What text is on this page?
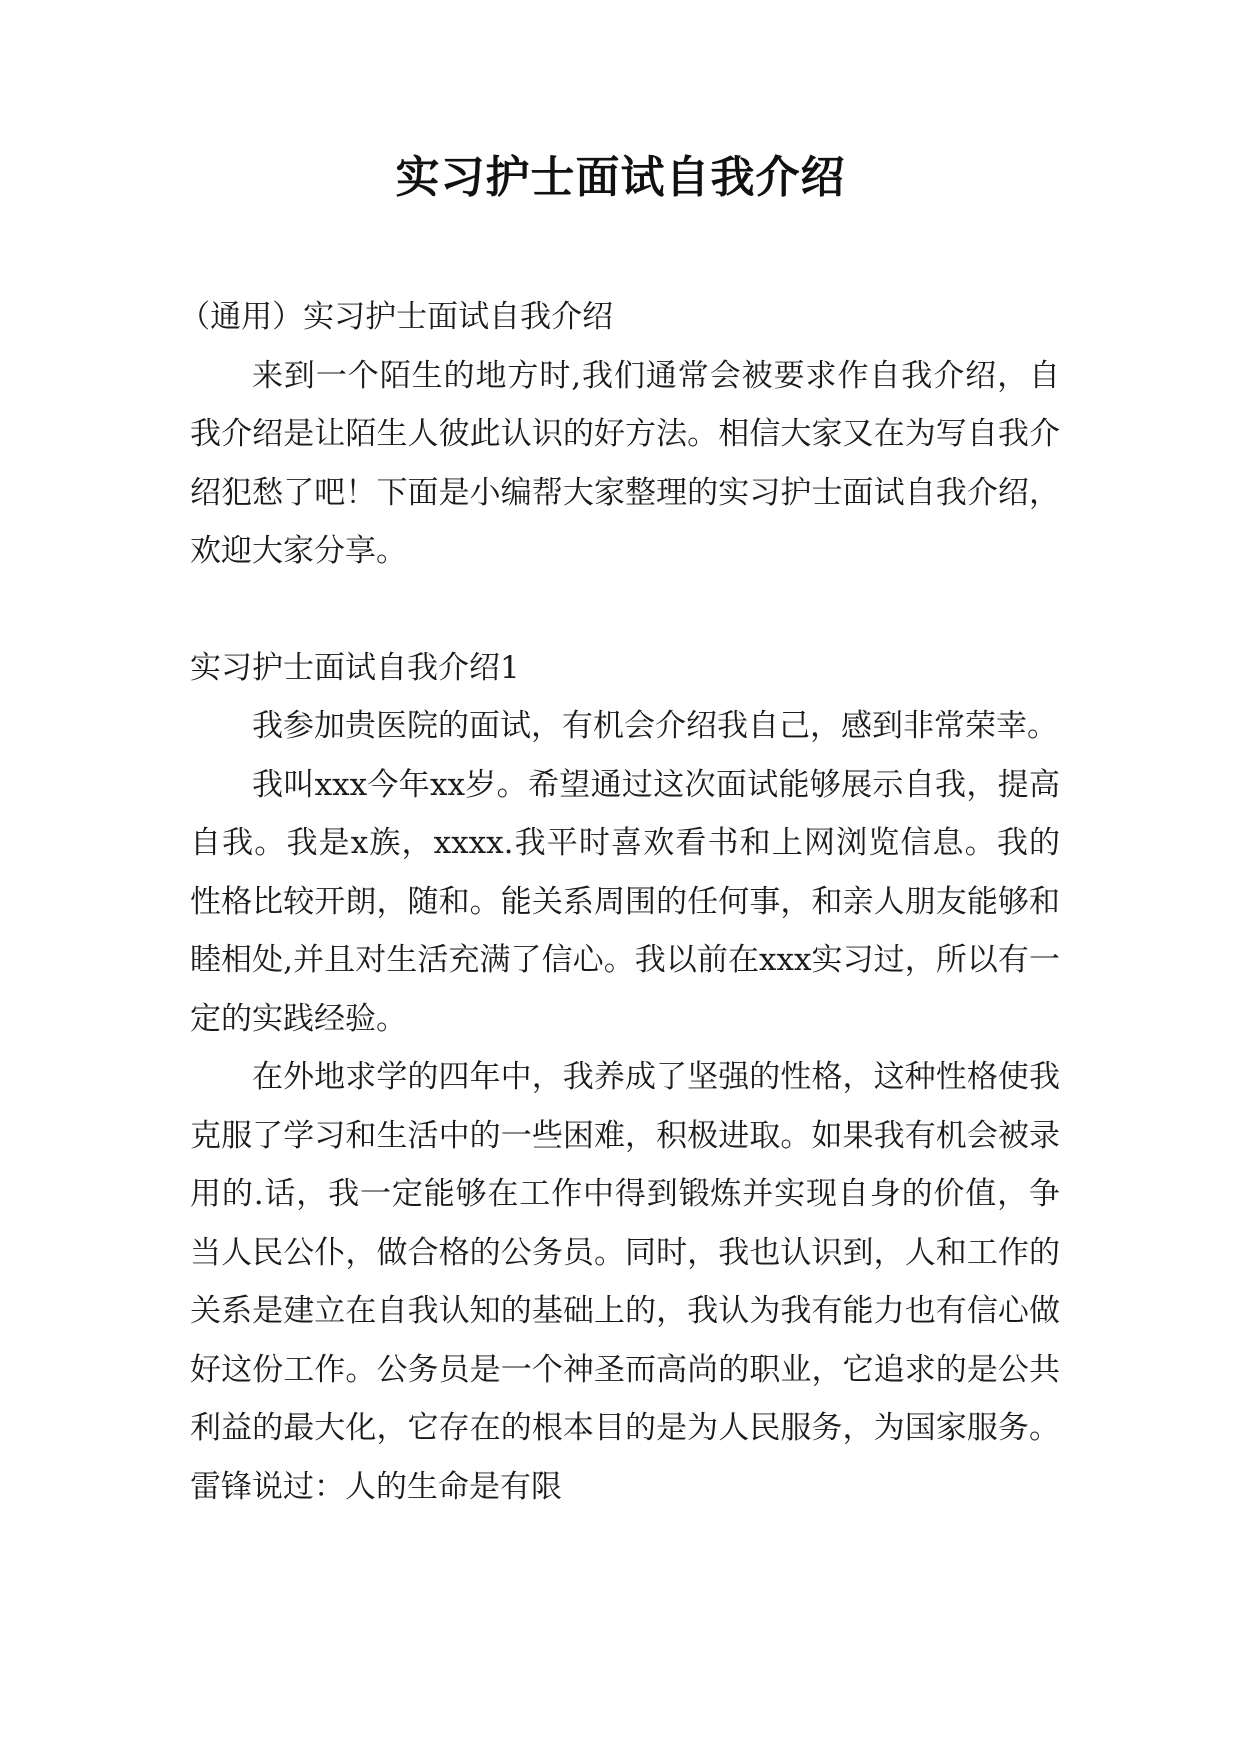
实习护士面试自我介绍

（通用）实习护士面试自我介绍

来到一个陌生的地方时,我们通常会被要求作自我介绍，自我介绍是让陌生人彼此认识的好方法。相信大家又在为写自我介绍犯愁了吧！下面是小编帮大家整理的实习护士面试自我介绍，欢迎大家分享。

实习护士面试自我介绍1

我参加贵医院的面试，有机会介绍我自己，感到非常荣幸。

我叫xxx今年xx岁。希望通过这次面试能够展示自我，提高自我。我是x族，xxxx.我平时喜欢看书和上网浏览信息。我的性格比较开朗，随和。能关系周围的任何事，和亲人朋友能够和睦相处,并且对生活充满了信心。我以前在xxx实习过，所以有一定的实践经验。

在外地求学的四年中，我养成了坚强的性格，这种性格使我克服了学习和生活中的一些困难，积极进取。如果我有机会被录用的.话，我一定能够在工作中得到锻炼并实现自身的价值，争当人民公仆，做合格的公务员。同时，我也认识到，人和工作的关系是建立在自我认知的基础上的，我认为我有能力也有信心做好这份工作。公务员是一个神圣而高尚的职业，它追求的是公共利益的最大化，它存在的根本目的是为人民服务，为国家服务。雷锋说过：人的生命是有限
